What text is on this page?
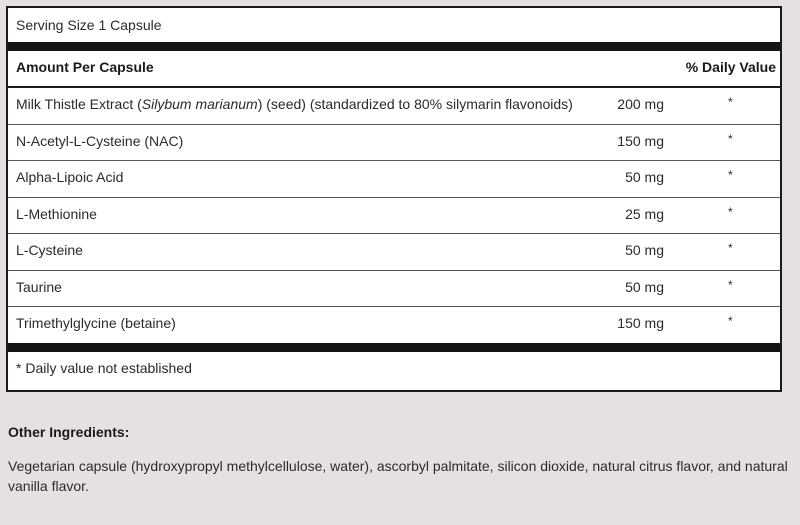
Serving Size 1 Capsule
Amount Per Capsule	% Daily Value
Milk Thistle Extract (Silybum marianum) (seed) (standardized to 80% silymarin flavonoids)	200 mg	*
N-Acetyl-L-Cysteine (NAC)	150 mg	*
Alpha-Lipoic Acid	50 mg	*
L-Methionine	25 mg	*
L-Cysteine	50 mg	*
Taurine	50 mg	*
Trimethylglycine (betaine)	150 mg	*
* Daily value not established
Other Ingredients:
Vegetarian capsule (hydroxypropyl methylcellulose, water), ascorbyl palmitate, silicon dioxide, natural citrus flavor, and natural vanilla flavor.
